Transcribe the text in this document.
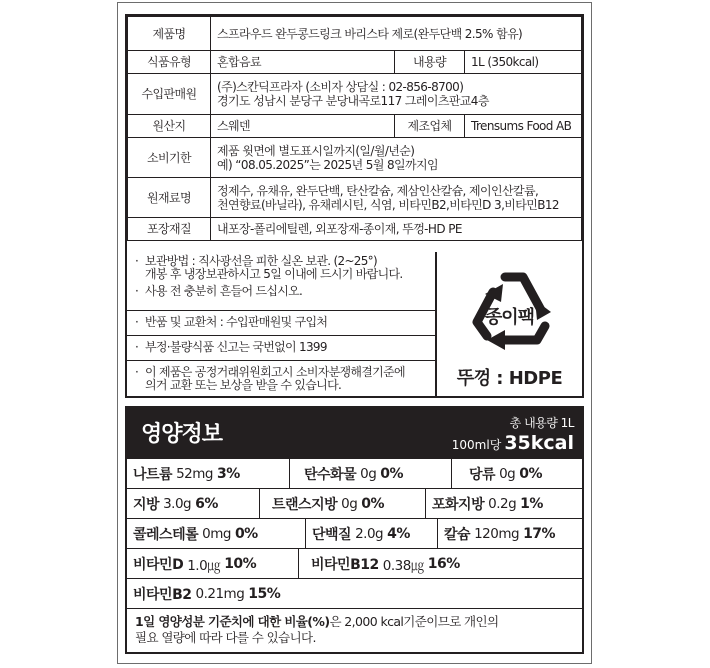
제품명	스프라우드 완두콩드링크 바리스타 제로(완두단백 2.5% 함유)		
식품유형	혼합음료	내용량	1L (350kcal)
수입판매원	(주)스칸딕프라자 (소비자 상담실 : 02-856-8700)
경기도 성남시 분당구 분당내곡로117 그레이츠판교4층		

원산지	스웨덴	제조업체	Trensums Food AB
소비기한	제품 윗면에 별도표시일까지(일/월/년순)
예) “08.05.2025”는 2025년 5월 8일까지임		

원재료명	정제수, 유채유, 완두단백, 탄산칼슘, 제삼인산칼슘, 제이인산칼륨,
천연향료(바닐라), 유채레시틴, 식염, 비타민B2,비타민D 3,비타민B12		

포장재질	내포장-폴리에틸렌, 외포장재-종이재, 뚜껑-HD PE		
· 보관방법 : 직사광선을 피한 실온 보관. (2~25°)
개봉 후 냉장보관하시고 5일 이내에 드시기 바랍니다.
· 사용 전 충분히 흔들어 드십시오.
· 반품 및 교환처 : 수입판매원및 구입처
· 부정·불량식품 신고는 국번없이 1399
· 이 제품은 공정거래위원회고시 소비자분쟁해결기준에
의거 교환 또는 보상을 받을 수 있습니다.
종이팩
뚜껑 : HDPE
영양정보	총 내용량 1L
100ml당 35kcal
나트륨 52mg 3%	탄수화물 0g 0%	당류 0g 0%
지방 3.0g 6%	트랜스지방 0g 0%	포화지방 0.2g 1%
콜레스테롤 0mg 0%	단백질 2.0g 4% 칼슘 120mg 17%
비타민D 1.0㎍ 10%	비타민B12 0.38㎍ 16%
비타민B2 0.21mg 15%
1일 영양성분 기준치에 대한 비율(%)은 2,000 kcal기준이므로 개인의
필요 열량에 따라 다를 수 있습니다.
